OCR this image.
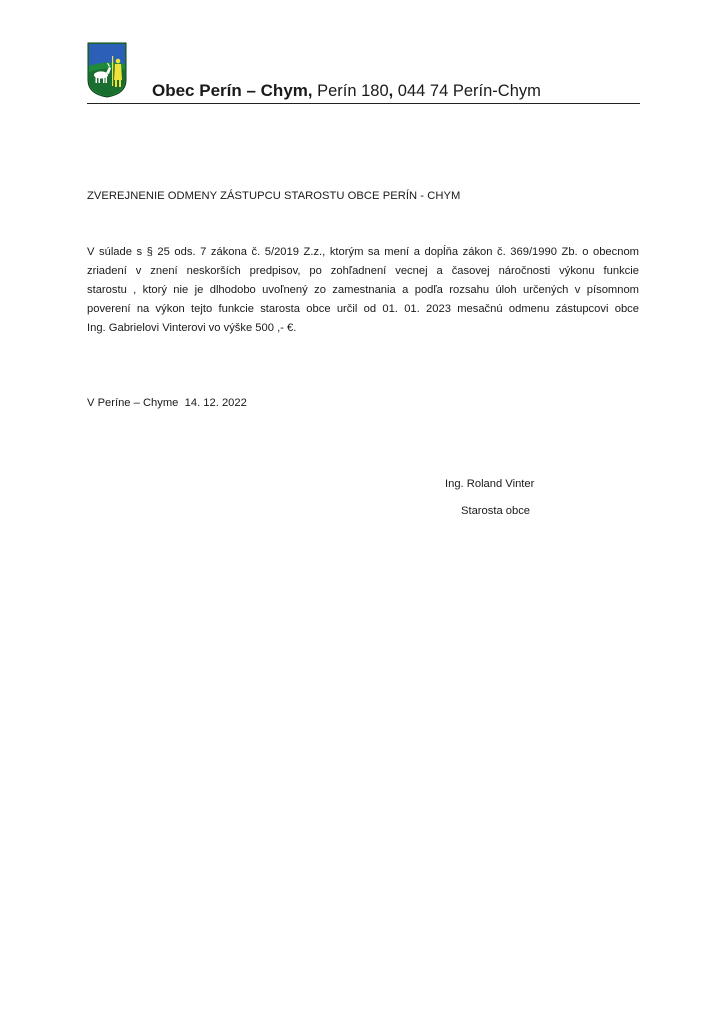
Obec Perín – Chym, Perín 180, 044 74 Perín-Chym
ZVEREJNENIE ODMENY ZÁSTUPCU STAROSTU OBCE PERÍN - CHYM
V súlade s § 25 ods. 7 zákona č. 5/2019 Z.z., ktorým sa mení a dopĺňa zákon č. 369/1990 Zb. o obecnom
zriadení v znení neskorších predpisov, po zohľadnení vecnej a časovej náročnosti výkonu funkcie
starostu , ktorý nie je dlhodobo uvoľnený zo zamestnania a podľa rozsahu úloh určených v písomnom
poverení na výkon tejto funkcie starosta obce určil od 01. 01. 2023 mesačnú odmenu zástupcovi obce
Ing. Gabrielovi Vinterovi vo výške 500 ,- €.
V Períne – Chyme  14. 12. 2022
Ing. Roland Vinter
Starosta obce
